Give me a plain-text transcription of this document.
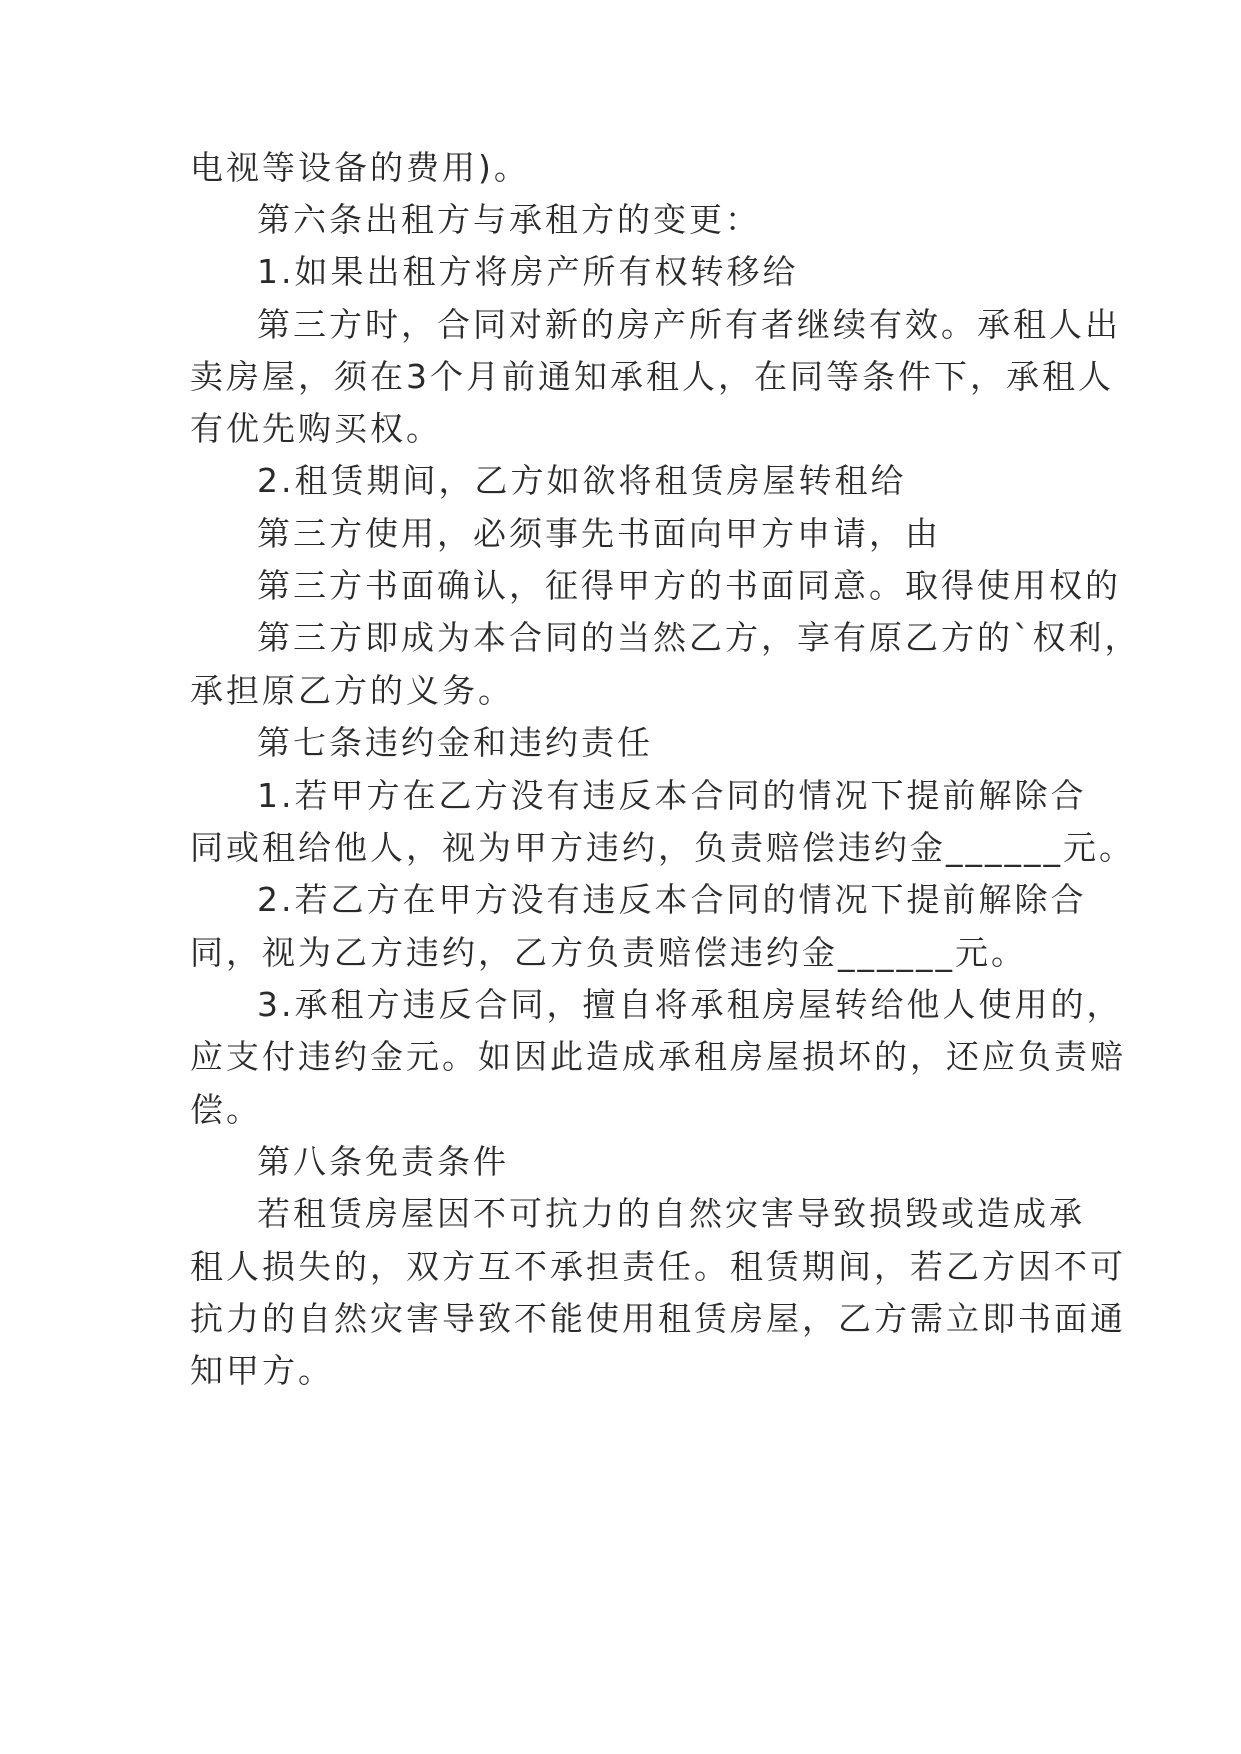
电视等设备的费用)。

第六条出租方与承租方的变更：

1.如果出租方将房产所有权转移给

第三方时，合同对新的房产所有者继续有效。承租人出

卖房屋，须在3个月前通知承租人，在同等条件下，承租人

有优先购买权。

2.租赁期间，乙方如欲将租赁房屋转租给

第三方使用，必须事先书面向甲方申请，由

第三方书面确认，征得甲方的书面同意。取得使用权的

第三方即成为本合同的当然乙方，享有原乙方的`权利，

承担原乙方的义务。

第七条违约金和违约责任

1.若甲方在乙方没有违反本合同的情况下提前解除合

同或租给他人，视为甲方违约，负责赔偿违约金______元。

2.若乙方在甲方没有违反本合同的情况下提前解除合

同，视为乙方违约，乙方负责赔偿违约金______元。

3.承租方违反合同，擅自将承租房屋转给他人使用的，

应支付违约金元。如因此造成承租房屋损坏的，还应负责赔

偿。

第八条免责条件

若租赁房屋因不可抗力的自然灾害导致损毁或造成承

租人损失的，双方互不承担责任。租赁期间，若乙方因不可

抗力的自然灾害导致不能使用租赁房屋，乙方需立即书面通

知甲方。
